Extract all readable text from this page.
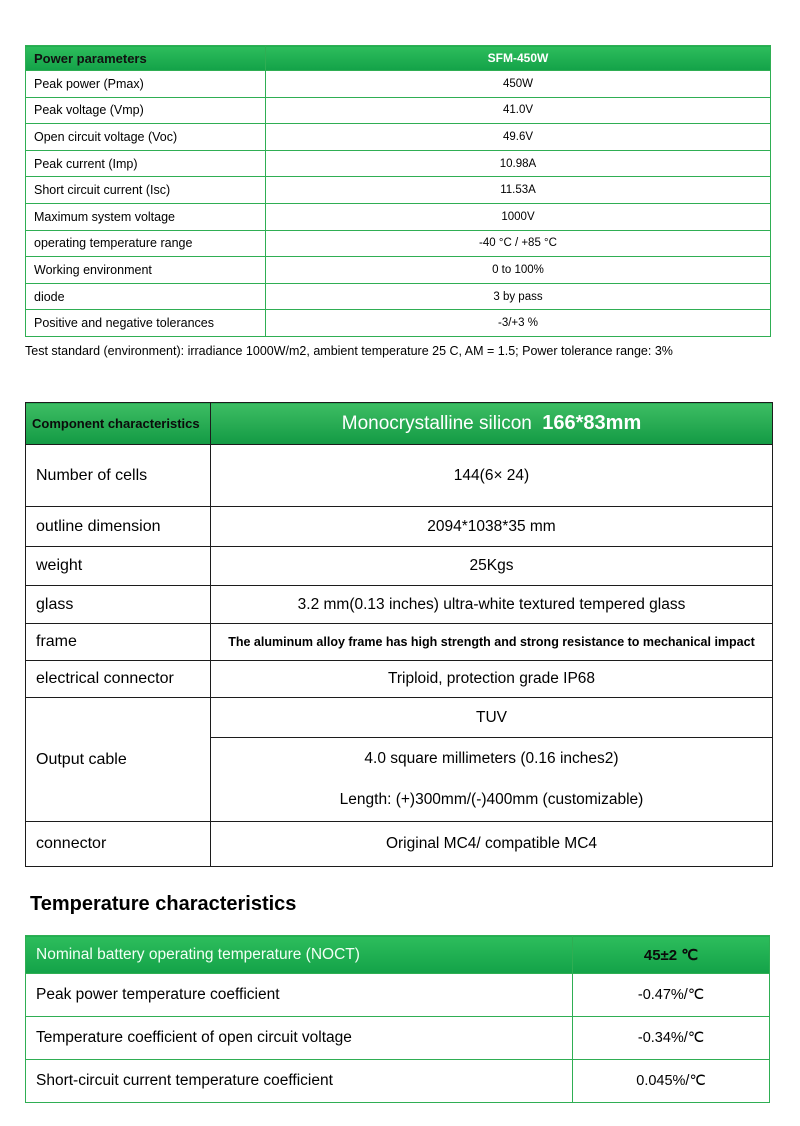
Power parameters	SFM-450W
Peak power (Pmax)	450W
Peak voltage (Vmp)	41.0V
Open circuit voltage (Voc)	49.6V
Peak current (Imp)	10.98A
Short circuit current (Isc)	11.53A
Maximum system voltage	1000V
operating temperature range	-40 °C / +85 °C
Working environment	0 to 100%
diode	3 by pass
Positive and negative tolerances	-3/+3 %

Test standard (environment): irradiance 1000W/m2, ambient temperature 25 C, AM = 1.5; Power tolerance range: 3%

Component characteristics	Monocrystalline silicon 166*83mm
Number of cells	144(6× 24)
outline dimension	2094*1038*35 mm
weight	25Kgs
glass	3.2 mm(0.13 inches) ultra-white textured tempered glass
frame	The aluminum alloy frame has high strength and strong resistance to mechanical impact
electrical connector	Triploid, protection grade IP68
Output cable	TUV
	4.0 square millimeters (0.16 inches2)
	Length: (+)300mm/(-)400mm (customizable)
connector	Original MC4/ compatible MC4
Temperature characteristics
Nominal battery operating temperature (NOCT)	45±2 ℃
Peak power temperature coefficient	-0.47%/℃
Temperature coefficient of open circuit voltage	-0.34%/℃
Short-circuit current temperature coefficient	0.045%/℃
